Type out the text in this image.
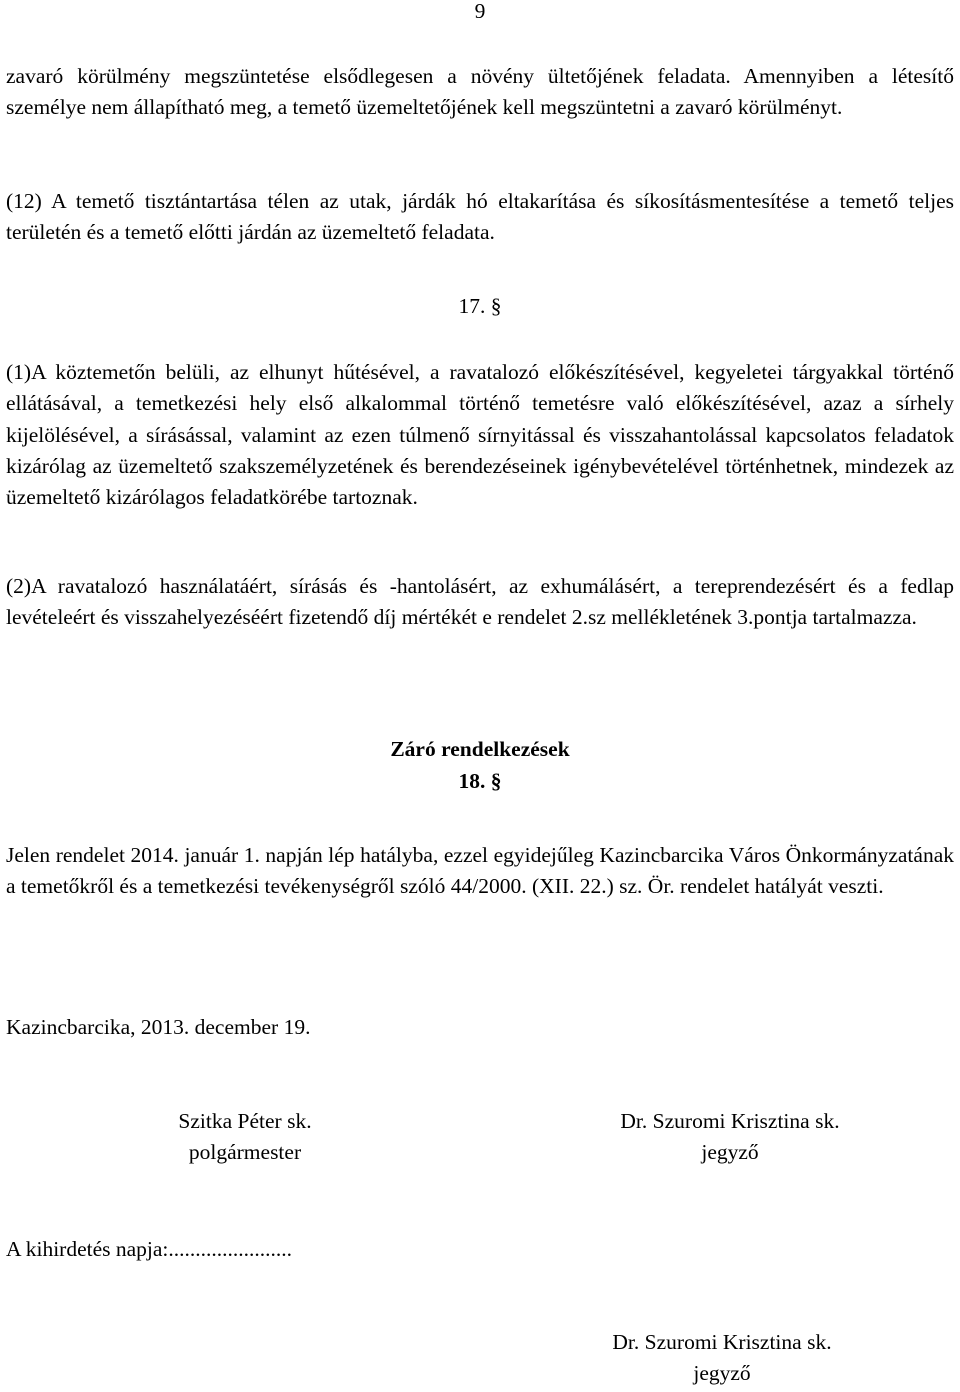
9

zavaró körülmény megszüntetése elsődlegesen a növény ültetőjének feladata. Amennyiben a létesítő személye nem állapítható meg, a temető üzemeltetőjének kell megszüntetni a zavaró körülményt.

(12) A temető tisztántartása télen az utak, járdák hó eltakarítása és síkosításmentesítése a temető teljes területén és a temető előtti járdán az üzemeltető feladata.

17. §

(1)A köztemetőn belüli, az elhunyt hűtésével, a ravatalozó előkészítésével, kegyeletei tárgyakkal történő ellátásával, a temetkezési hely első alkalommal történő temetésre való előkészítésével, azaz a sírhely kijelölésével, a sírásással, valamint az ezen túlmenő sírnyitással és visszahantolással kapcsolatos feladatok kizárólag az üzemeltető szakszemélyzetének és berendezéseinek igénybevételével történhetnek, mindezek az üzemeltető kizárólagos feladatkörébe tartoznak.

(2)A ravatalozó használatáért, sírásás és -hantolásért, az exhumálásért, a tereprendezésért és a fedlap levételeért és visszahelyezéséért fizetendő díj mértékét e rendelet 2.sz mellékletének 3.pontja tartalmazza.

Záró rendelkezések

18. §

Jelen rendelet 2014. január 1. napján lép hatályba, ezzel egyidejűleg Kazincbarcika Város Önkormányzatának a temetőkről és a temetkezési tevékenységről szóló 44/2000. (XII. 22.) sz. Ör. rendelet hatályát veszti.

Kazincbarcika, 2013. december 19.
Szitka Péter sk.
polgármester
Dr. Szuromi Krisztina sk.
jegyző
A kihirdetés napja:.......................
Dr. Szuromi Krisztina sk.
jegyző
